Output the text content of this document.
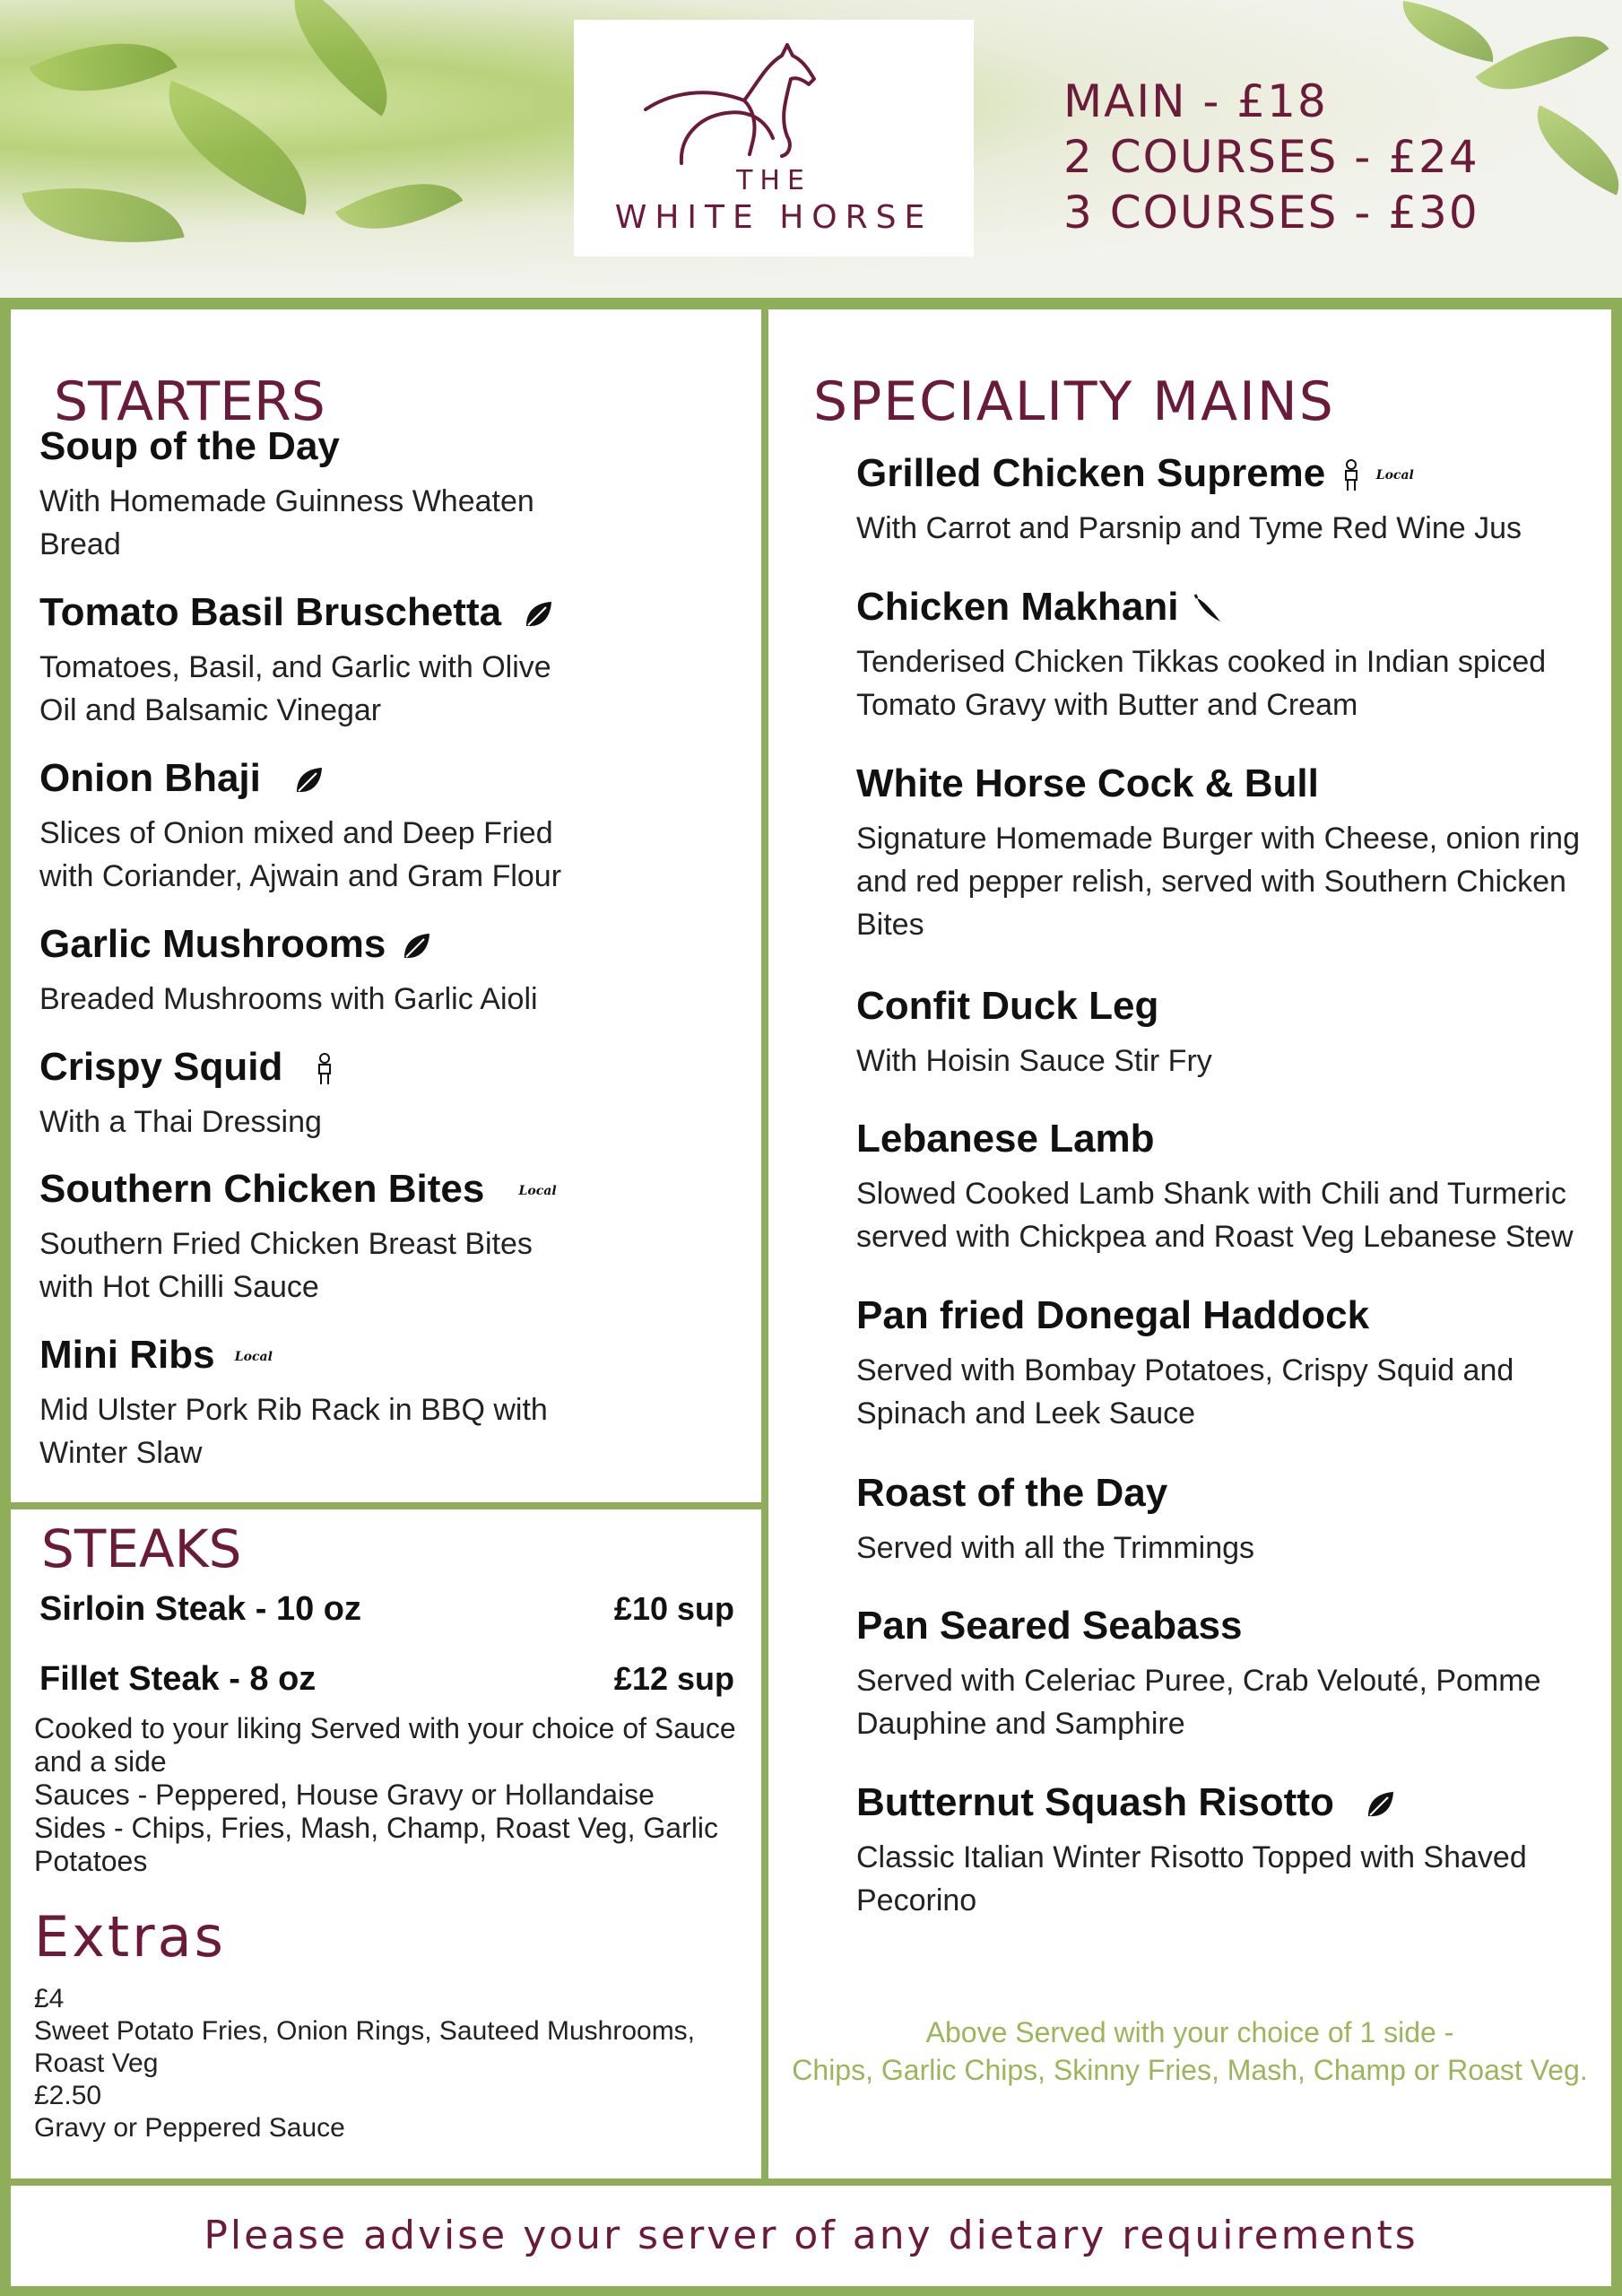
THE
WHITE HORSE
MAIN - £18
2 COURSES - £24
3 COURSES - £30
STARTERS
Soup of the Day
With Homemade Guinness Wheaten Bread
Tomato Basil Bruschetta
Tomatoes, Basil, and Garlic with Olive Oil and Balsamic Vinegar
Onion Bhaji
Slices of Onion mixed and Deep Fried with Coriander, Ajwain and Gram Flour
Garlic Mushrooms
Breaded Mushrooms with Garlic Aioli
Crispy Squid
With a Thai Dressing
Southern Chicken Bites	Local
Southern Fried Chicken Breast Bites with Hot Chilli Sauce
Mini Ribs Local
Mid Ulster Pork Rib Rack in BBQ with Winter Slaw
STEAKS
Sirloin Steak - 10 oz	£10 sup
Fillet Steak - 8 oz	£12 sup
Cooked to your liking Served with your choice of Sauce and a side
Sauces - Peppered, House Gravy or Hollandaise
Sides - Chips, Fries, Mash, Champ, Roast Veg, Garlic Potatoes
Extras
£4
Sweet Potato Fries, Onion Rings, Sauteed Mushrooms, Roast Veg
£2.50
Gravy or Peppered Sauce
SPECIALITY MAINS
Grilled Chicken Supreme	Local
With Carrot and Parsnip and Tyme Red Wine Jus
Chicken Makhani
Tenderised Chicken Tikkas cooked in Indian spiced Tomato Gravy with Butter and Cream
White Horse Cock & Bull
Signature Homemade Burger with Cheese, onion ring and red pepper relish, served with Southern Chicken Bites
Confit Duck Leg
With Hoisin Sauce Stir Fry
Lebanese Lamb
Slowed Cooked Lamb Shank with Chili and Turmeric served with Chickpea and Roast Veg Lebanese Stew
Pan fried Donegal Haddock
Served with Bombay Potatoes, Crispy Squid and Spinach and Leek Sauce
Roast of the Day
Served with all the Trimmings
Pan Seared Seabass
Served with Celeriac Puree, Crab Velouté, Pomme Dauphine and Samphire
Butternut Squash Risotto
Classic Italian Winter Risotto Topped with Shaved Pecorino
Above Served with your choice of 1 side -
Chips, Garlic Chips, Skinny Fries, Mash, Champ or Roast Veg.
Please advise your server of any dietary requirements
